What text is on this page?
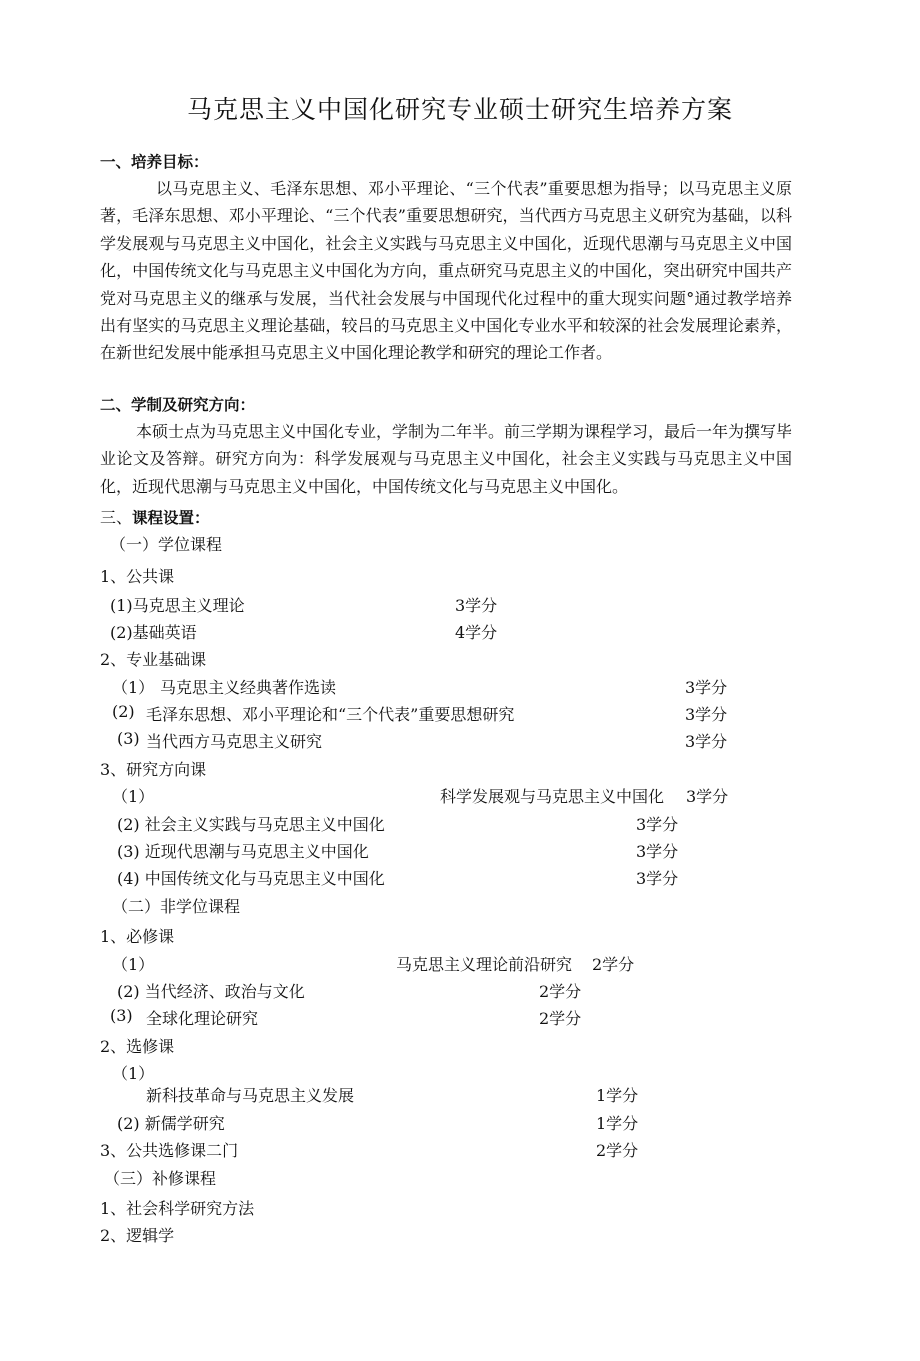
马克思主义中国化研究专业硕士研究生培养方案
一、培养目标：

以马克思主义、毛泽东思想、邓小平理论、“三个代表”重要思想为指导；以马克思主义原著，毛泽东思想、邓小平理论、“三个代表”重要思想研究，当代西方马克思主义研究为基础，以科学发展观与马克思主义中国化，社会主义实践与马克思主义中国化，近现代思潮与马克思主义中国化，中国传统文化与马克思主义中国化为方向，重点研究马克思主义的中国化，突出研究中国共产党对马克思主义的继承与发展，当代社会发展与中国现代化过程中的重大现实问题°通过教学培养出有坚实的马克思主义理论基础，较吕的马克思主义中国化专业水平和较深的社会发展理论素养，在新世纪发展中能承担马克思主义中国化理论教学和研究的理论工作者。

二、学制及研究方向：

本硕士点为马克思主义中国化专业，学制为二年半。前三学期为课程学习，最后一年为撰写毕业论文及答辩。研究方向为：科学发展观与马克思主义中国化，社会主义实践与马克思主义中国化，近现代思潮与马克思主义中国化，中国传统文化与马克思主义中国化。

三、课程设置：
（一）学位课程
1、公共课
(1)马克思主义理论	3学分
(2)基础英语	4学分
2、专业基础课
（1） 马克思主义经典著作选读	3学分
(2) 毛泽东思想、邓小平理论和“三个代表”重要思想研究	3学分
(3) 当代西方马克思主义研究	3学分
3、研究方向课
（1）	科学发展观与马克思主义中国化 3学分
(2) 社会主义实践与马克思主义中国化	3学分
(3) 近现代思潮与马克思主义中国化	3学分
(4) 中国传统文化与马克思主义中国化	3学分
（二）非学位课程
1、必修课
（1）	马克思主义理论前沿研究 2学分
(2) 当代经济、政治与文化	2学分
(3) 全球化理论研究	2学分
2、选修课
（1）
新科技革命与马克思主义发展	1学分
(2) 新儒学研究	1学分
3、公共选修课二门	2学分
（三）补修课程
1、社会科学研究方法
2、逻辑学
